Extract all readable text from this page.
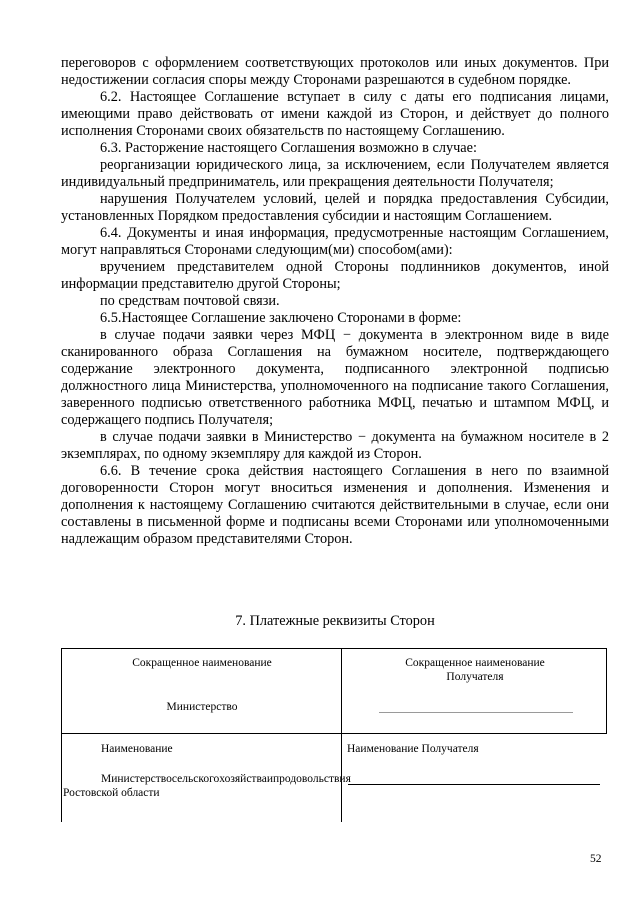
переговоров с оформлением соответствующих протоколов или иных документов. При недостижении согласия споры между Сторонами разрешаются в судебном порядке.

6.2. Настоящее Соглашение вступает в силу с даты его подписания лицами, имеющими право действовать от имени каждой из Сторон, и действует до полного исполнения Сторонами своих обязательств по настоящему Соглашению.

6.3. Расторжение настоящего Соглашения возможно в случае:

реорганизации юридического лица, за исключением, если Получателем является индивидуальный предприниматель, или прекращения деятельности Получателя;

нарушения Получателем условий, целей и порядка предоставления Субсидии, установленных Порядком предоставления субсидии и настоящим Соглашением.

6.4. Документы и иная информация, предусмотренные настоящим Соглашением, могут направляться Сторонами следующим(ми) способом(ами):

вручением представителем одной Стороны подлинников документов, иной информации представителю другой Стороны;

по средствам почтовой связи.

6.5.Настоящее Соглашение заключено Сторонами в форме:

в случае подачи заявки через МФЦ − документа в электронном виде в виде сканированного образа Соглашения на бумажном носителе, подтверждающего содержание электронного документа, подписанного электронной подписью должностного лица Министерства, уполномоченного на подписание такого Соглашения, заверенного подписью ответственного работника МФЦ, печатью и штампом МФЦ, и содержащего подпись Получателя;

в случае подачи заявки в Министерство − документа на бумажном носителе в 2 экземплярах, по одному экземпляру для каждой из Сторон.

6.6. В течение срока действия настоящего Соглашения в него по взаимной договоренности Сторон могут вноситься изменения и дополнения. Изменения и дополнения к настоящему Соглашению считаются действительными в случае, если они составлены в письменной форме и подписаны всеми Сторонами или уполномоченными надлежащим образом представителями Сторон.

7. Платежные реквизиты Сторон
Сокращенное наименование
Министерство
Сокращенное наименование Получателя
Наименование
Министерство сельского хозяйства и продовольствия
Ростовской области
Наименование Получателя
52
